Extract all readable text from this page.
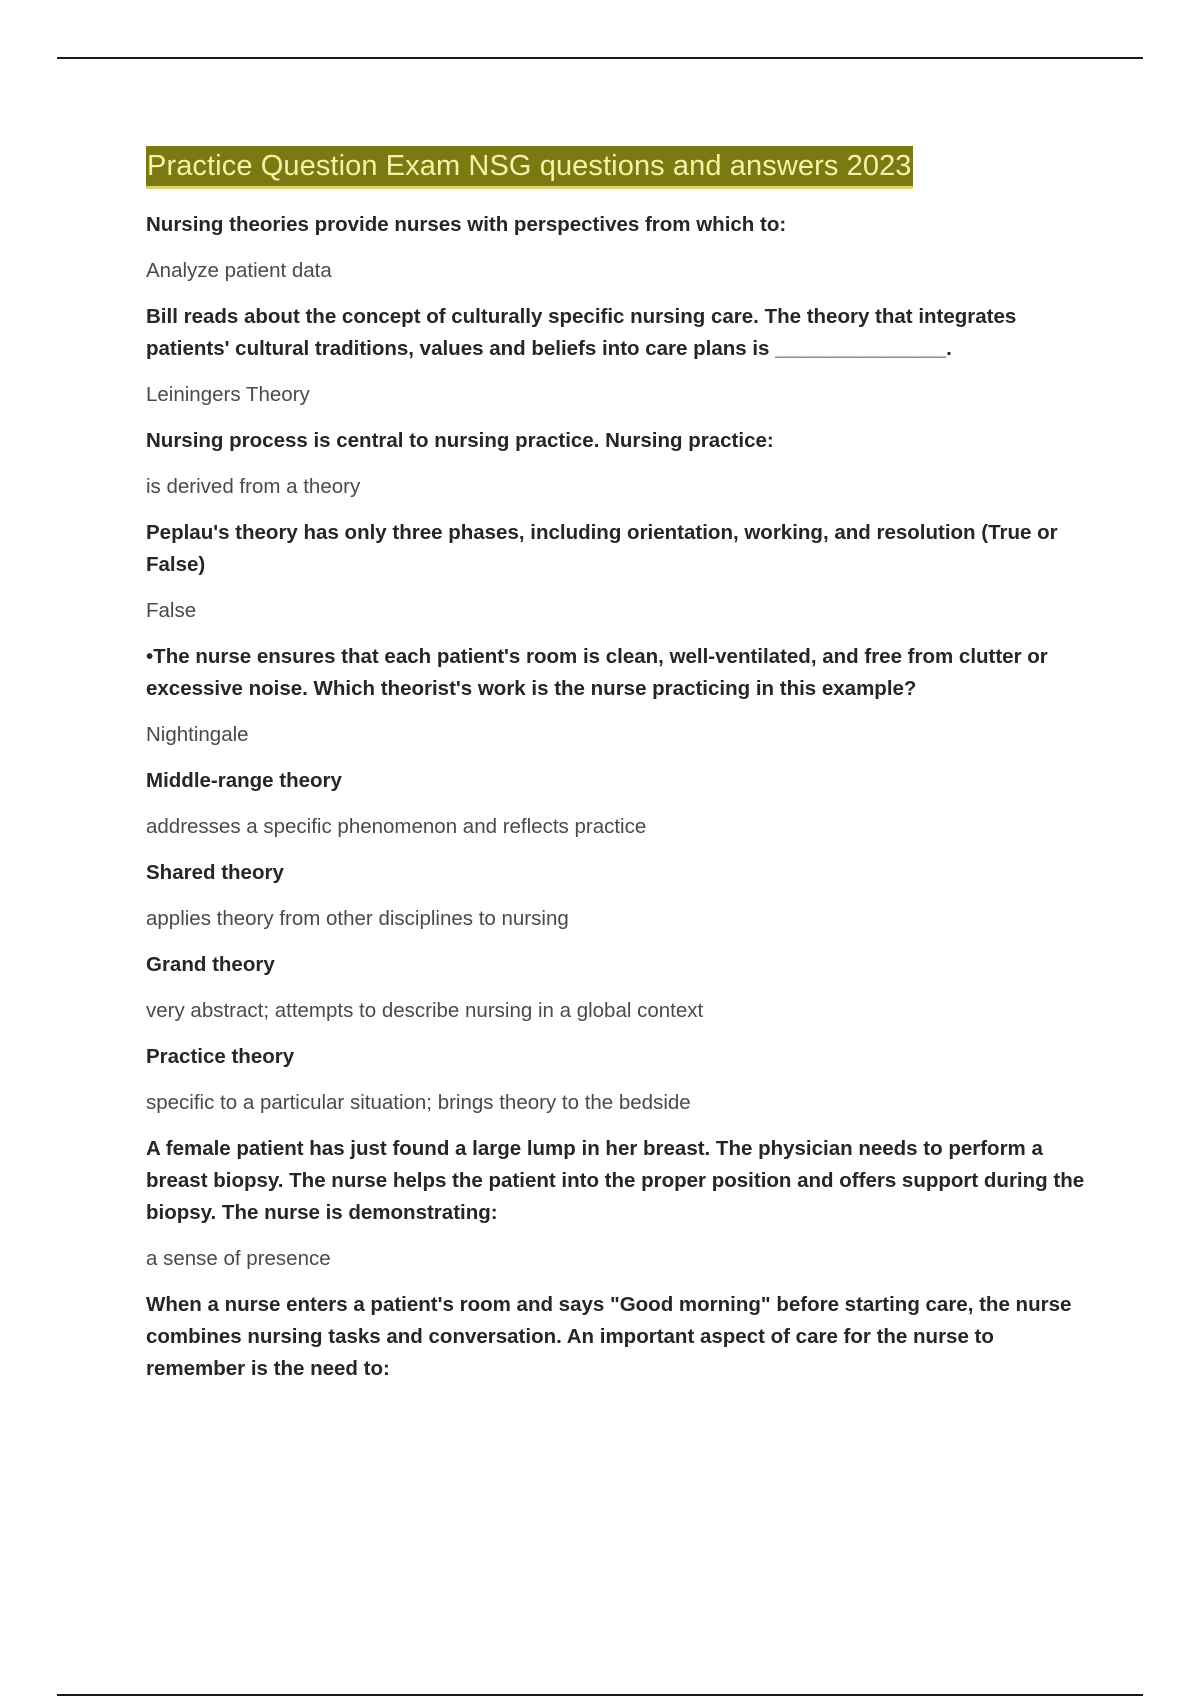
Practice Question Exam NSG questions and answers 2023

Nursing theories provide nurses with perspectives from which to:

Analyze patient data

Bill reads about the concept of culturally specific nursing care. The theory that integrates patients' cultural traditions, values and beliefs into care plans is _______________.

Leiningers Theory

Nursing process is central to nursing practice. Nursing practice:

is derived from a theory

Peplau's theory has only three phases, including orientation, working, and resolution (True or False)

False

•The nurse ensures that each patient's room is clean, well-ventilated, and free from clutter or excessive noise. Which theorist's work is the nurse practicing in this example?

Nightingale

Middle-range theory

addresses a specific phenomenon and reflects practice

Shared theory

applies theory from other disciplines to nursing

Grand theory

very abstract; attempts to describe nursing in a global context

Practice theory

specific to a particular situation; brings theory to the bedside

A female patient has just found a large lump in her breast. The physician needs to perform a breast biopsy. The nurse helps the patient into the proper position and offers support during the biopsy. The nurse is demonstrating:

a sense of presence

When a nurse enters a patient's room and says "Good morning" before starting care, the nurse combines nursing tasks and conversation. An important aspect of care for the nurse to remember is the need to:
